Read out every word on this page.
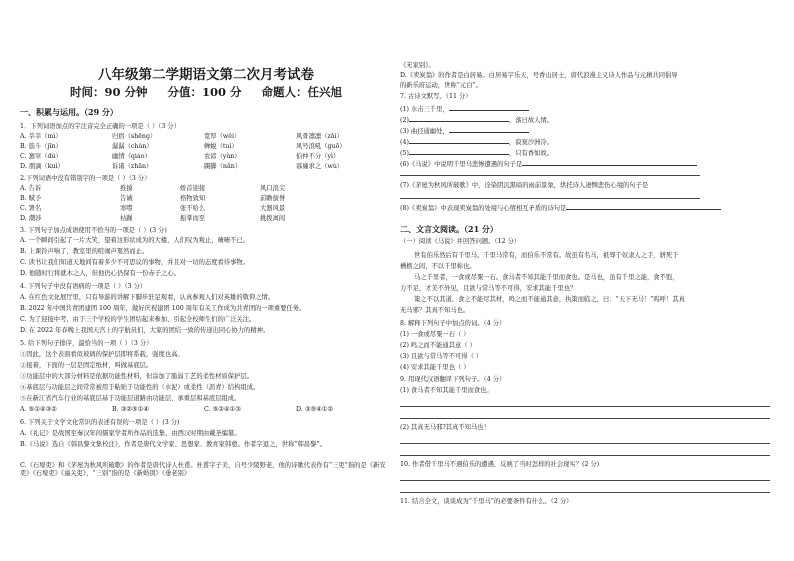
八年级第二学期语文第二次月考试卷
时间：90 分钟 分值：100 分 命题人：任兴旭
一、积累与运用。（29 分）
1．下列词语加点的字注音完全正确的一项是（ ）（3 分）
A. 莘莘（mì）	归宿（shēng）	宽厚（wěi）	风骨凛凛（zǎi）
B. 筋斗（jīn）	潺潺（chán）	蝉蜕（tuì）	风号浪吼（guō）
C. 窸窣（dù）	幽情（qiáo）	农谚（yàn）	伯仲不分（yì）
D. 朋滴（kuì）	诉诸（zhān）	蹑脚（nān）	寡廉求之（wù）
2.下列词语中没有错别字的一项是（ ）（3 分）
A. 告诉	推搡	娇首迎接	风口浪尖
B. 赋予	告诫	格物致知	前瞻拔誉
C. 署名	寒噤	张不哈么	大器风景
D. 潮涉	枯躁	振掌而至	挑拨离间
3. 下列句子加点成语使用不恰当的一项是（ ）(3 分)
A. 一个瞬间引起了一片大笑，望着这形状成为的大楼，人们叹为观止，啧啧不已。
B. 上课铃声响了，教室里的喧闹声戛然而止。
C. 读书让我们知道天地间有着多少不可思议的事物，并且对一切的态度看待事物。
D. 他随时行将就木之人，但他仍心仍保有一份赤子之心。
4. 下列句子中没有语病的一项是（ ）（3 分）
A. 在红色文化展厅里，只有导游的讲解下脚步驻足观看，认真参观人们对英雄的敬仰之情。
B. 2022 年中国共青团建团 100 周年，做好庆祝建团 100 周年有关工作成为共青团的一项重要任务。
C. 为了迎接中考，由于三个学校的学生团结起来参加，引起全校师生们的广泛关注。
D. 在 2022 年春晚上我国天宫上的宇航员们，大家的团结一致的传递出同心协力的精神。
5. 给下列句子排序，最恰当的一项（ ）（3 分）
①因此，这个表面看似玻璃的保护层即将系载，强度也高。
②接着，下面的一层是固定纸材，叫做基底层。
③功能层中的大部分材料是依据功能性材料，但涂加了脆弱工艺的柔性材质保护层。
④基底层与功能层之间常常被用于粘贴于功能性的（水泥）或柔性（沥青）结构组成。
⑤在新江省汽车行业的基底层基于功能层道路由功能层、承重层和基底层组成。
A. ⑤①④③②	B. ③②⑤①④	C. ⑤②④①③	D. ③⑤④①②
6. 下列关于文学文化常识的表述有误的一项是（ ）(3 分)
A.《礼记》是战国至秦汉年间儒家学者所作品的选集，由西汉时期由戴圣编纂。
B.《马说》选自《韩昌黎文集校注》，作者是唐代文学家、思想家、教育家韩愈。作者字退之，世称“韩昌黎”。
C.《石壕吏》和《茅屋为秋风所破歌》的作者是唐代诗人杜甫。杜甫字子美，自号少陵野老，他的诗歌代表作有“三吏”指的是《新安吏》《石壕吏》《潼关吏》，“三别”指的是《新婚别》《垂老别》
《无家别》。
D.《卖炭翁》的作者是白居易。白居易字乐天，号香山居士，唐代浪漫主义诗人作品与元稹共同倡导
的新乐府运动，世称“元白”。
7. 古诗文默写。（11 分）
(1) 水击三千里，
(2)	，落日故人情。
(3) 曲径通幽处，
(4)	，寂寞沙洲冷。
(5)	，只有香如故。
(6)《马说》中说明千里马悲惨遭遇的句子是
(7)《茅屋为秋风所破歌》中，诠染阴沉黑暗的雨前景象，烘托诗人凄恻悲伤心境的句子是
(8)《卖炭翁》中表现卖炭翁的处境与心情相互矛盾的诗句是
二、文言文阅读。（21 分）
（一）阅读《马说》并回答问题。（12 分）
世有伯乐然后有千里马。千里马常有，而伯乐不常有。故虽有名马，祇辱于奴隶人之手，骈死于
槽枥之间，不以千里称也。
马之千里者，一食或尽粟一石。食马者不知其能千里而食也。是马也，虽有千里之能，食不饱，
力不足，才美不外见，且欲与常马等不可得，安求其能千里也？
策之不以其道，食之不能尽其材，鸣之而不能通其意，执策而临之，曰：“天下无马！”呜呼！其真
无马邪？其真不知马也。
8. 解释下列句子中加点的词。（4 分）
(1) 一食或尽粟一石（ ）
(2) 鸣之而不能通其意（ ）
(3) 且欲与常马等不可得（ ）
(4) 安求其能千里也（ ）
9. 用现代汉语翻译下列句子。（4 分）
(1) 食马者不知其能千里而食也。
(2) 其真无马邪?其真不知马也！
10. 作者借千里马不遇伯乐的遭遇，反映了当时怎样的社会现实？(2 分)
11. 结合全文，谈谈成为“千里马”的必要条件有什么。（2 分）
